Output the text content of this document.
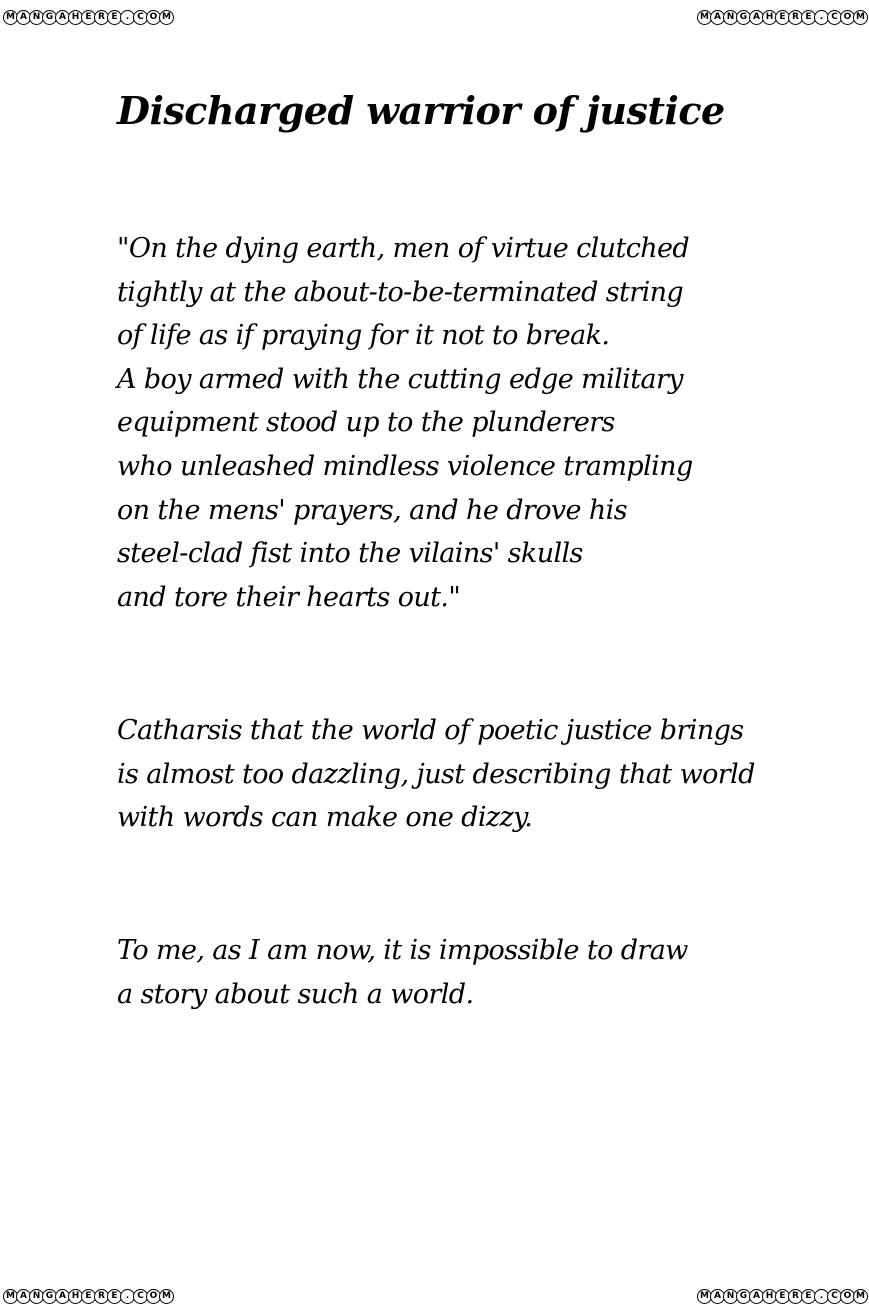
M A N G A H E R E . C O M	M A N G A H E R E . C O M
M A N G A H E R E . C O M	M A N G A H E R E . C O M
Discharged warrior of justice

"On the dying earth, men of virtue clutched
tightly at the about-to-be-terminated string
of life as if praying for it not to break.
A boy armed with the cutting edge military
equipment stood up to the plunderers
who unleashed mindless violence trampling
on the mens' prayers, and he drove his
steel-clad fist into the vilains' skulls
and tore their hearts out."

Catharsis that the world of poetic justice brings
is almost too dazzling, just describing that world
with words can make one dizzy.

To me, as I am now, it is impossible to draw
a story about such a world.
